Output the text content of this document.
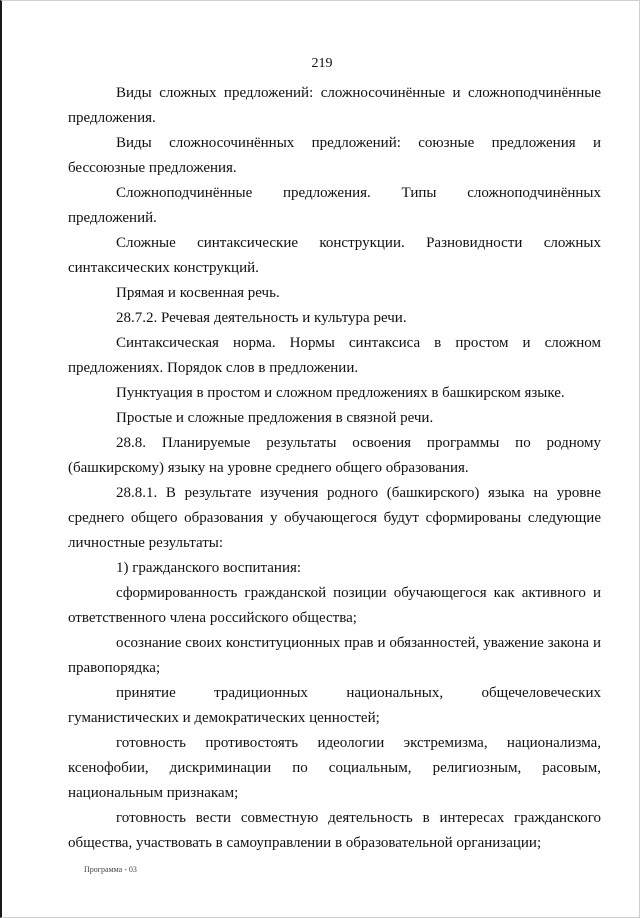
219

Виды сложных предложений: сложносочинённые и сложноподчинённые предложения.

Виды сложносочинённых предложений: союзные предложения и бессоюзные предложения.

Сложноподчинённые предложения. Типы сложноподчинённых предложений.

Сложные синтаксические конструкции. Разновидности сложных синтаксических конструкций.

Прямая и косвенная речь.

28.7.2. Речевая деятельность и культура речи.

Синтаксическая норма. Нормы синтаксиса в простом и сложном предложениях. Порядок слов в предложении.

Пунктуация в простом и сложном предложениях в башкирском языке.

Простые и сложные предложения в связной речи.

28.8. Планируемые результаты освоения программы по родному (башкирскому) языку на уровне среднего общего образования.

28.8.1. В результате изучения родного (башкирского) языка на уровне среднего общего образования у обучающегося будут сформированы следующие личностные результаты:

1) гражданского воспитания:

сформированность гражданской позиции обучающегося как активного и ответственного члена российского общества;

осознание своих конституционных прав и обязанностей, уважение закона и правопорядка;

принятие традиционных национальных, общечеловеческих гуманистических и демократических ценностей;

готовность противостоять идеологии экстремизма, национализма, ксенофобии, дискриминации по социальным, религиозным, расовым, национальным признакам;

готовность вести совместную деятельность в интересах гражданского общества, участвовать в самоуправлении в образовательной организации;

Программа - 03
